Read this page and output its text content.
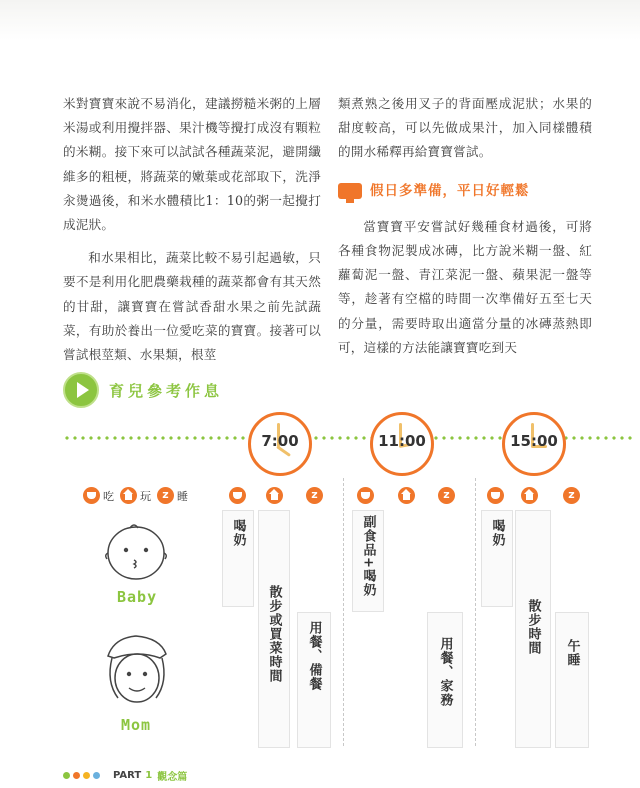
米對寶寶來說不易消化，建議撈糙米粥的上層米湯或利用攪拌器、果汁機等攪打成沒有顆粒的米糊。接下來可以試試各種蔬菜泥，避開纖維多的粗梗，將蔬菜的嫩葉或花部取下，洗淨汆燙過後，和米水體積比1：10的粥一起攪打成泥狀。

和水果相比，蔬菜比較不易引起過敏，只要不是利用化肥農藥栽種的蔬菜都會有其天然的甘甜，讓寶寶在嘗試香甜水果之前先試蔬菜，有助於養出一位愛吃菜的寶寶。接著可以嘗試根莖類、水果類，根莖

類煮熟之後用叉子的背面壓成泥狀；水果的甜度較高，可以先做成果汁，加入同樣體積的開水稀釋再給寶寶嘗試。

假日多準備，平日好輕鬆

當寶寶平安嘗試好幾種食材過後，可將各種食物泥製成冰磚，比方說米糊一盤、紅蘿蔔泥一盤、青江菜泥一盤、蘋果泥一盤等等，趁著有空檔的時間一次準備好五至七天的分量，需要時取出適當分量的冰磚蒸熱即可，這樣的方法能讓寶寶吃到天

育兒參考作息
7:00	11:00	15:00
吃 玩
z 睡
z
z
z
喝奶
散步或買菜時間 用餐、備餐
副食品+喝奶
用餐、家務
喝奶
散步時間 午睡
Baby
Mom
PART 1 觀念篇
